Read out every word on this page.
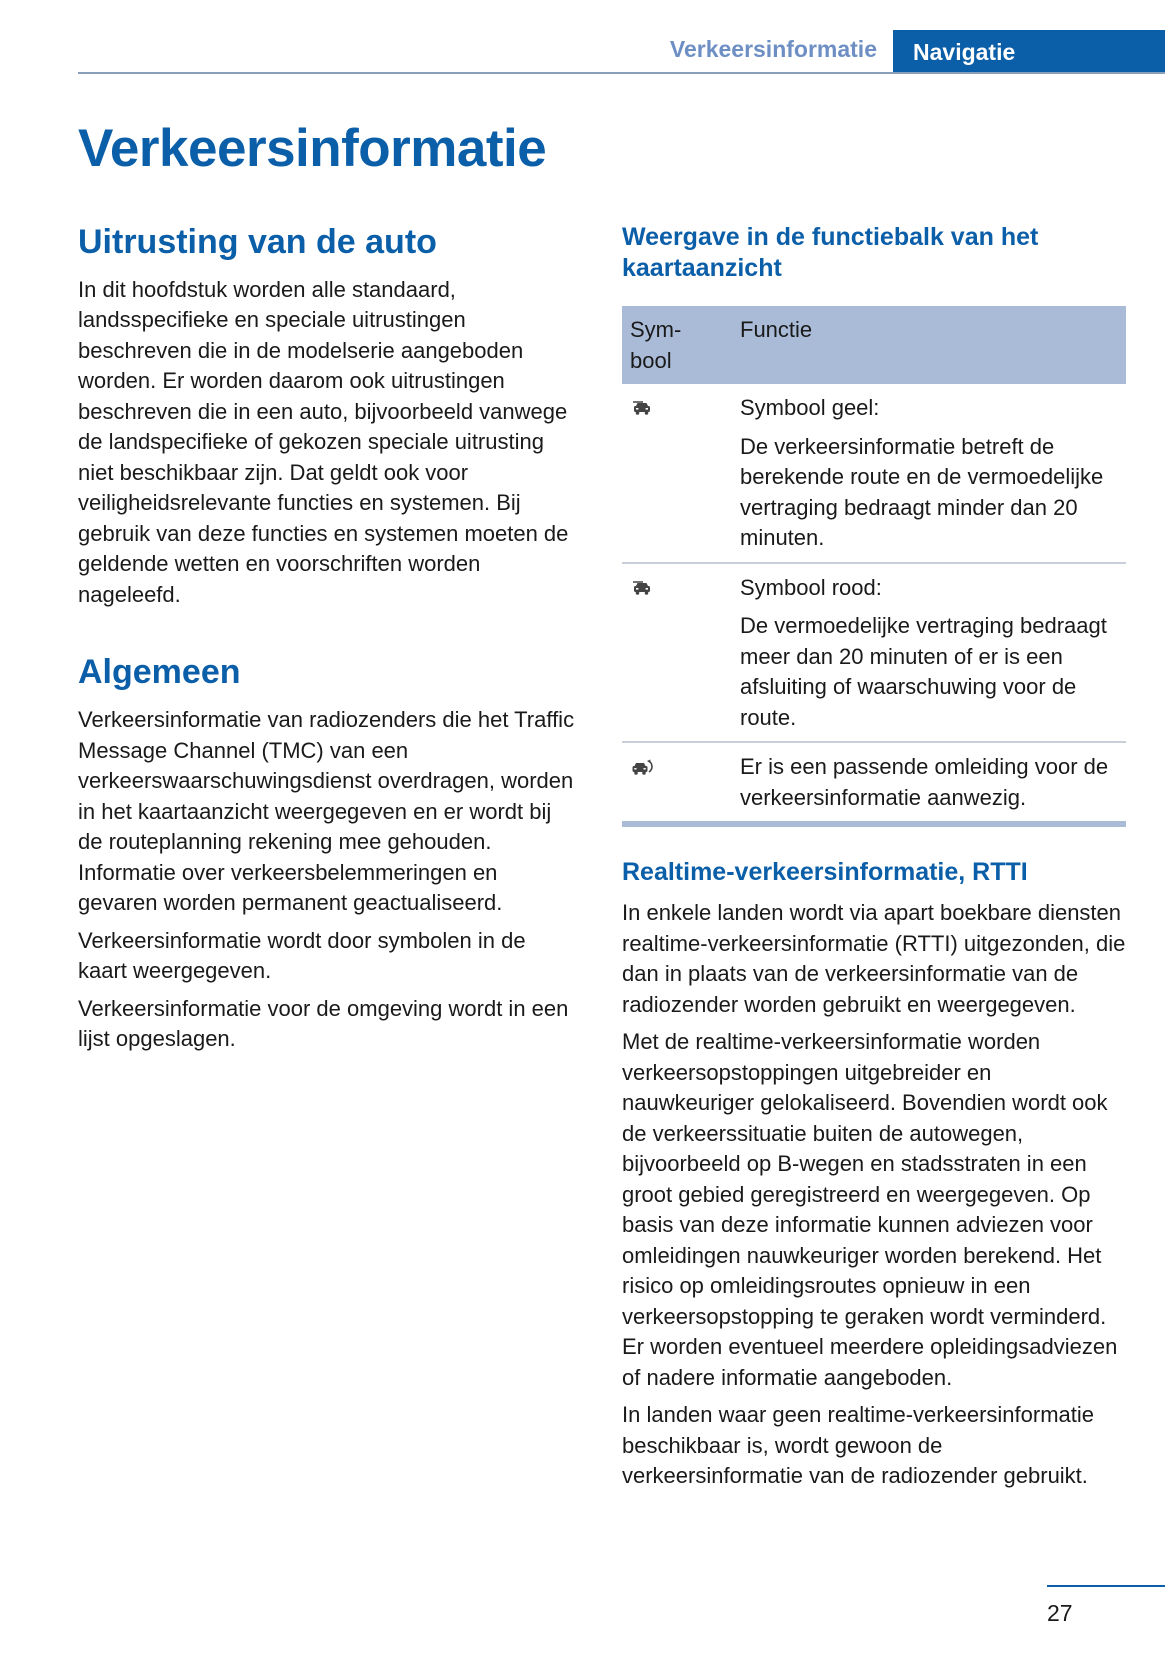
Verkeersinformatie	Navigatie
Verkeersinformatie
Uitrusting van de auto

In dit hoofdstuk worden alle standaard, landsspecifieke en speciale uitrustingen beschreven die in de modelserie aangeboden worden. Er worden daarom ook uitrustingen beschreven die in een auto, bijvoorbeeld vanwege de landspecifieke of gekozen speciale uitrusting niet beschikbaar zijn. Dat geldt ook voor veiligheidsrelevante functies en systemen. Bij gebruik van deze functies en systemen moeten de geldende wetten en voorschriften worden nageleefd.

Algemeen

Verkeersinformatie van radiozenders die het Traffic Message Channel (TMC) van een verkeerswaarschuwingsdienst overdragen, worden in het kaartaanzicht weergegeven en er wordt bij de routeplanning rekening mee gehouden. Informatie over verkeersbelemmeringen en gevaren worden permanent geactualiseerd.

Verkeersinformatie wordt door symbolen in de kaart weergegeven.

Verkeersinformatie voor de omgeving wordt in een lijst opgeslagen.

Weergave in de functiebalk van het kaartaanzicht
Sym-
bool	Functie
	Symbool geel:
De verkeersinformatie betreft de berekende route en de vermoedelijke vertraging bedraagt minder dan 20 minuten.

	Symbool rood:
De vermoedelijke vertraging bedraagt meer dan 20 minuten of er is een afsluiting of waarschuwing voor de route.

	Er is een passende omleiding voor de verkeersinformatie aanwezig.
Realtime-verkeersinformatie, RTTI

In enkele landen wordt via apart boekbare diensten realtime-verkeersinformatie (RTTI) uitgezonden, die dan in plaats van de verkeersinformatie van de radiozender worden gebruikt en weergegeven.

Met de realtime-verkeersinformatie worden verkeersopstoppingen uitgebreider en nauwkeuriger gelokaliseerd. Bovendien wordt ook de verkeerssituatie buiten de autowegen, bijvoorbeeld op B-wegen en stadsstraten in een groot gebied geregistreerd en weergegeven. Op basis van deze informatie kunnen adviezen voor omleidingen nauwkeuriger worden berekend. Het risico op omleidingsroutes opnieuw in een verkeersopstopping te geraken wordt verminderd. Er worden eventueel meerdere opleidingsadviezen of nadere informatie aangeboden.

In landen waar geen realtime-verkeersinformatie beschikbaar is, wordt gewoon de verkeersinformatie van de radiozender gebruikt.

27
